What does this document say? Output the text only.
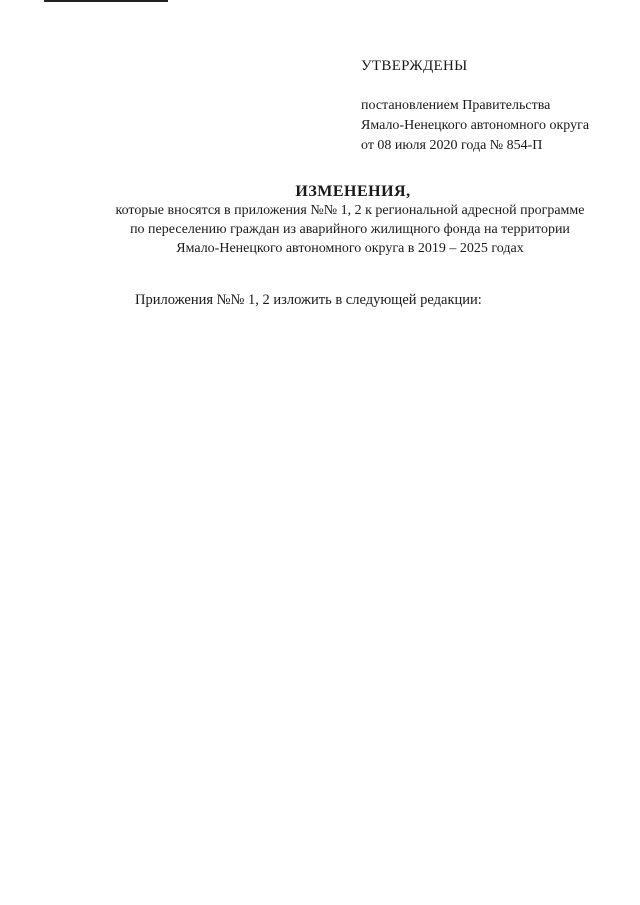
УТВЕРЖДЕНЫ

постановлением Правительства

Ямало-Ненецкого автономного округа

от 08 июля 2020 года № 854-П

ИЗМЕНЕНИЯ,

которые вносятся в приложения №№ 1, 2 к региональной адресной программе

по переселению граждан из аварийного жилищного фонда на территории

Ямало-Ненецкого автономного округа в 2019 – 2025 годах

Приложения №№ 1, 2 изложить в следующей редакции:
